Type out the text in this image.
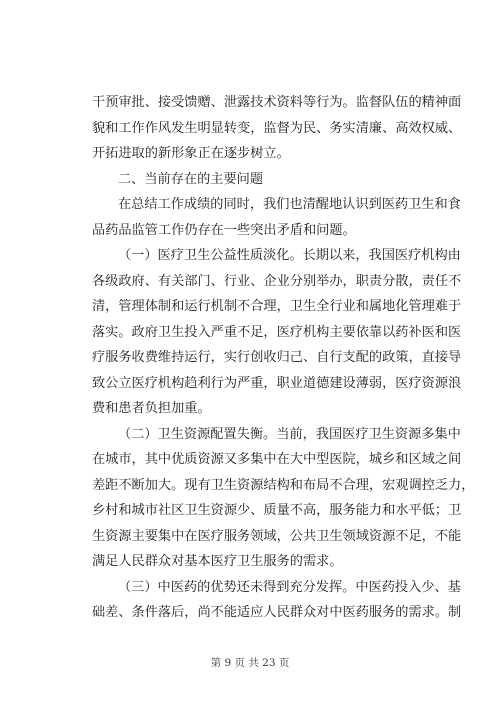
干预审批、接受馈赠、泄露技术资料等行为。监督队伍的精神面
貌和工作作风发生明显转变，监督为民、务实清廉、高效权威、
开拓进取的新形象正在逐步树立。
二、当前存在的主要问题
在总结工作成绩的同时，我们也清醒地认识到医药卫生和食
品药品监管工作仍存在一些突出矛盾和问题。
（一）医疗卫生公益性质淡化。长期以来，我国医疗机构由
各级政府、有关部门、行业、企业分别举办，职责分散，责任不
清，管理体制和运行机制不合理，卫生全行业和属地化管理难于
落实。政府卫生投入严重不足，医疗机构主要依靠以药补医和医
疗服务收费维持运行，实行创收归己、自行支配的政策，直接导
致公立医疗机构趋利行为严重，职业道德建设薄弱，医疗资源浪
费和患者负担加重。
（二）卫生资源配置失衡。当前，我国医疗卫生资源多集中
在城市，其中优质资源又多集中在大中型医院，城乡和区域之间
差距不断加大。现有卫生资源结构和布局不合理，宏观调控乏力，
乡村和城市社区卫生资源少、质量不高，服务能力和水平低；卫
生资源主要集中在医疗服务领域，公共卫生领域资源不足，不能
满足人民群众对基本医疗卫生服务的需求。
（三）中医药的优势还未得到充分发挥。中医药投入少、基
础差、条件落后，尚不能适应人民群众对中医药服务的需求。制
第 9 页 共 23 页
